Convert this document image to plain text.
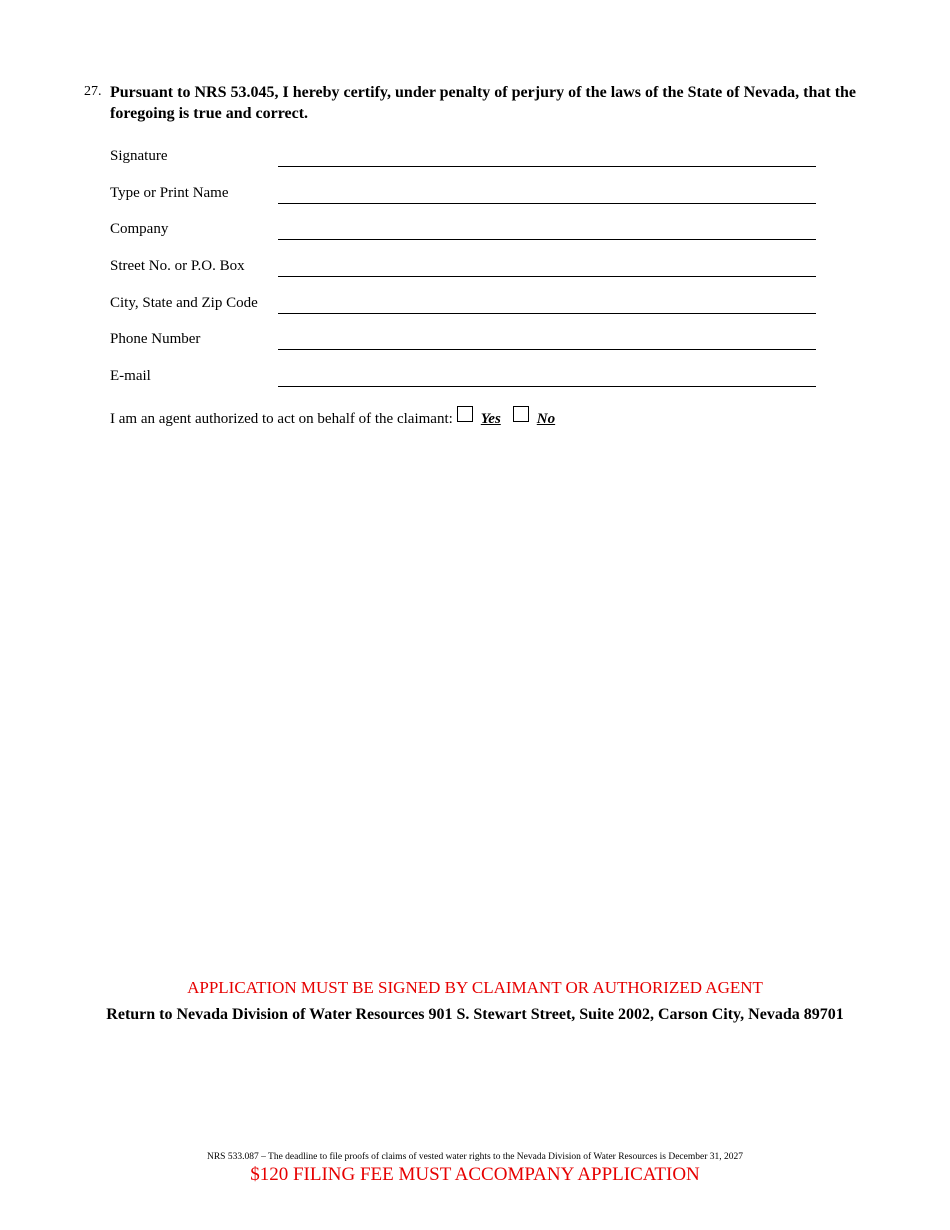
27. Pursuant to NRS 53.045, I hereby certify, under penalty of perjury of the laws of the State of Nevada, that the foregoing is true and correct.
Signature
Type or Print Name
Company
Street No. or P.O. Box
City, State and Zip Code
Phone Number
E-mail
I am an agent authorized to act on behalf of the claimant: Yes No
APPLICATION MUST BE SIGNED BY CLAIMANT OR AUTHORIZED AGENT
Return to Nevada Division of Water Resources 901 S. Stewart Street, Suite 2002, Carson City, Nevada 89701
NRS 533.087 – The deadline to file proofs of claims of vested water rights to the Nevada Division of Water Resources is December 31, 2027
$120 FILING FEE MUST ACCOMPANY APPLICATION
